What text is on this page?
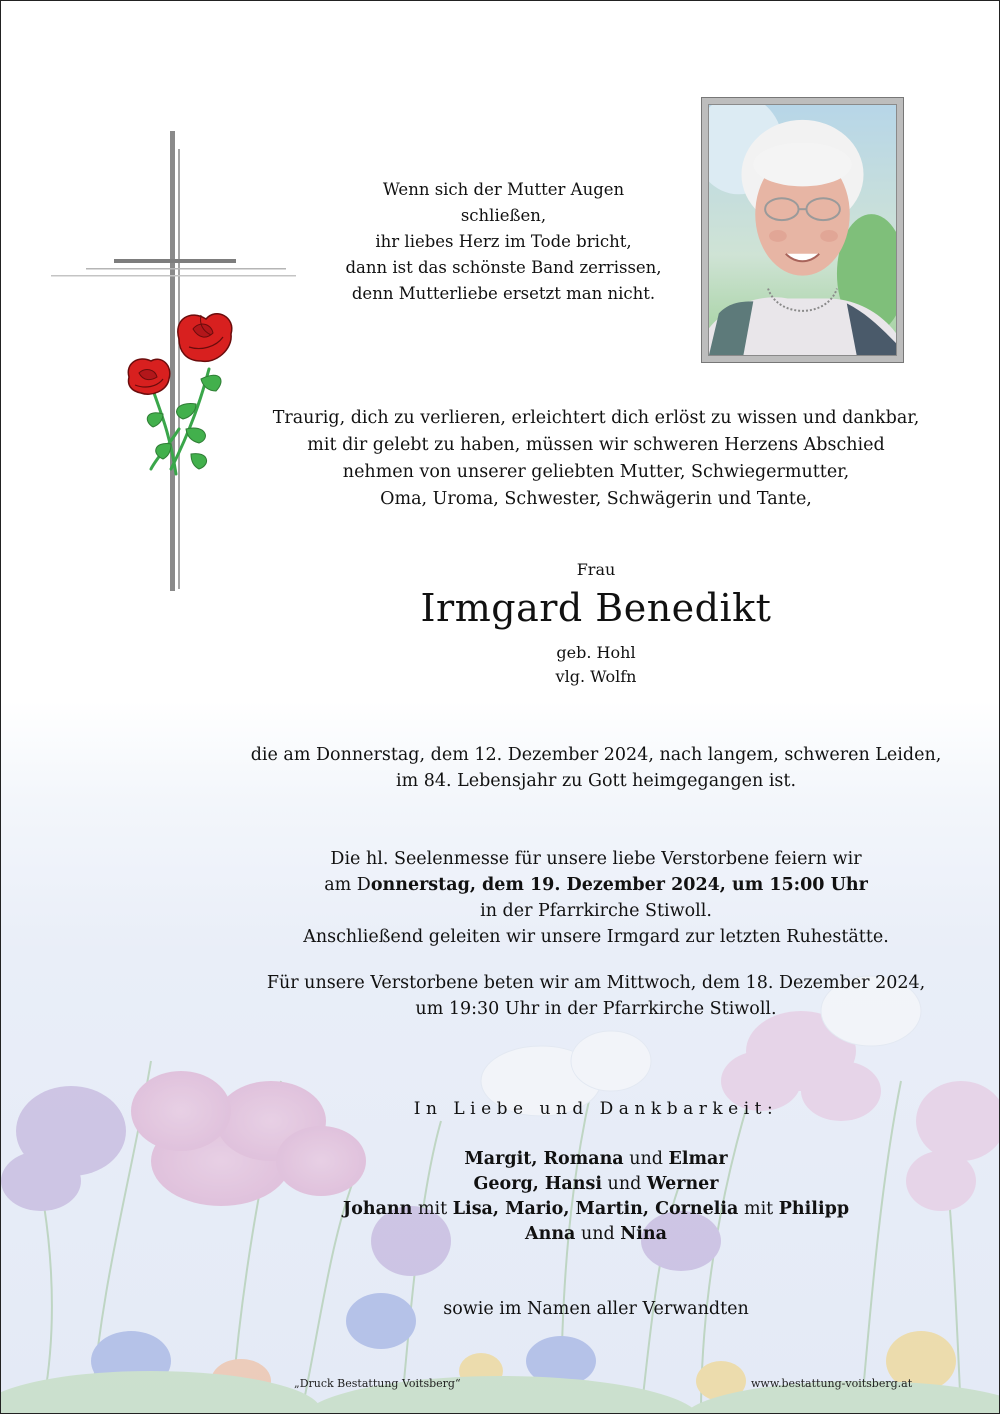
Wenn sich der Mutter Augen schließen,
ihr liebes Herz im Tode bricht,
dann ist das schönste Band zerrissen,
denn Mutterliebe ersetzt man nicht.
Traurig, dich zu verlieren, erleichtert dich erlöst zu wissen und dankbar,
mit dir gelebt zu haben, müssen wir schweren Herzens Abschied
nehmen von unserer geliebten Mutter, Schwiegermutter,
Oma, Uroma, Schwester, Schwägerin und Tante,
Frau
Irmgard Benedikt
geb. Hohl
vlg. Wolfn
die am Donnerstag, dem 12. Dezember 2024, nach langem, schweren Leiden,
im 84. Lebensjahr zu Gott heimgegangen ist.
Die hl. Seelenmesse für unsere liebe Verstorbene feiern wir
am Donnerstag, dem 19. Dezember 2024, um 15:00 Uhr
in der Pfarrkirche Stiwoll.
Anschließend geleiten wir unsere Irmgard zur letzten Ruhestätte.
Für unsere Verstorbene beten wir am Mittwoch, dem 18. Dezember 2024,
um 19:30 Uhr in der Pfarrkirche Stiwoll.
In Liebe und Dankbarkeit:
Margit, Romana und Elmar
Georg, Hansi und Werner
Johann mit Lisa, Mario, Martin, Cornelia mit Philipp
Anna und Nina
sowie im Namen aller Verwandten
„Druck Bestattung Voitsberg“	www.bestattung-voitsberg.at
